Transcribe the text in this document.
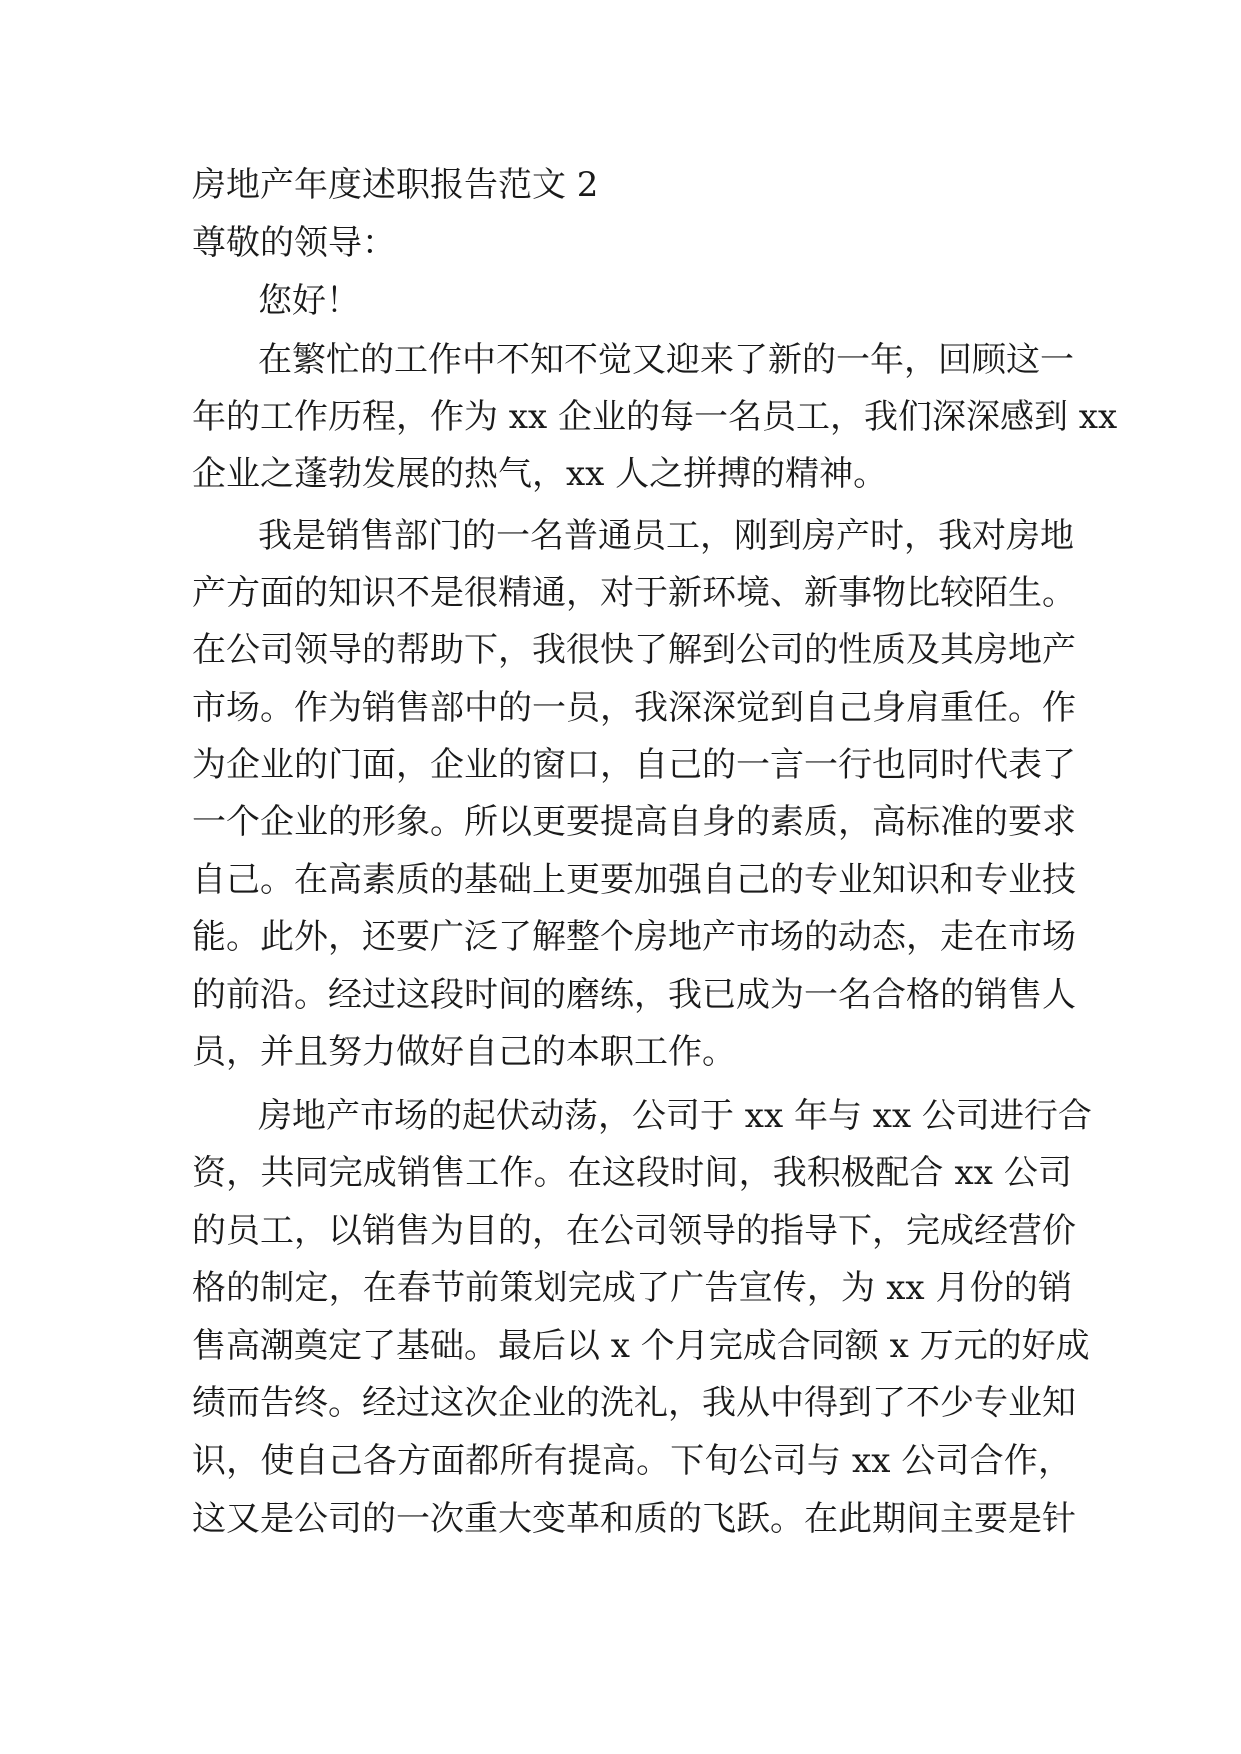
房地产年度述职报告范文 2
尊敬的领导：
您好！
在繁忙的工作中不知不觉又迎来了新的一年，回顾这一
年的工作历程，作为 xx 企业的每一名员工，我们深深感到 xx
企业之蓬勃发展的热气，xx 人之拼搏的精神。
我是销售部门的一名普通员工，刚到房产时，我对房地
产方面的知识不是很精通，对于新环境、新事物比较陌生。
在公司领导的帮助下，我很快了解到公司的性质及其房地产
市场。作为销售部中的一员，我深深觉到自己身肩重任。作
为企业的门面，企业的窗口，自己的一言一行也同时代表了
一个企业的形象。所以更要提高自身的素质，高标准的要求
自己。在高素质的基础上更要加强自己的专业知识和专业技
能。此外，还要广泛了解整个房地产市场的动态，走在市场
的前沿。经过这段时间的磨练，我已成为一名合格的销售人
员，并且努力做好自己的本职工作。
房地产市场的起伏动荡，公司于 xx 年与 xx 公司进行合
资，共同完成销售工作。在这段时间，我积极配合 xx 公司
的员工，以销售为目的，在公司领导的指导下，完成经营价
格的制定，在春节前策划完成了广告宣传，为 xx 月份的销
售高潮奠定了基础。最后以 x 个月完成合同额 x 万元的好成
绩而告终。经过这次企业的洗礼，我从中得到了不少专业知
识，使自己各方面都所有提高。下旬公司与 xx 公司合作，
这又是公司的一次重大变革和质的飞跃。在此期间主要是针
